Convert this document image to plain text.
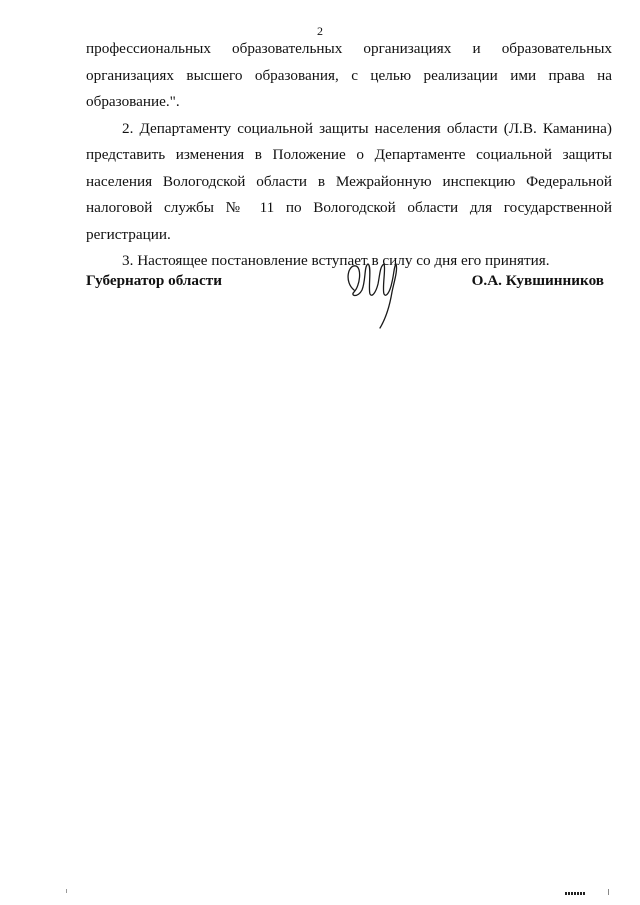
2

профессиональных образовательных организациях и образовательных организациях высшего образования, с целью реализации ими права на образование.".

2. Департаменту социальной защиты населения области (Л.В. Каманина) представить изменения в Положение о Департаменте социальной защиты населения Вологодской области в Межрайонную инспекцию Федеральной налоговой службы № 11 по Вологодской области для государственной регистрации.

3. Настоящее постановление вступает в силу со дня его принятия.

Губернатор области	О.А. Кувшинников
